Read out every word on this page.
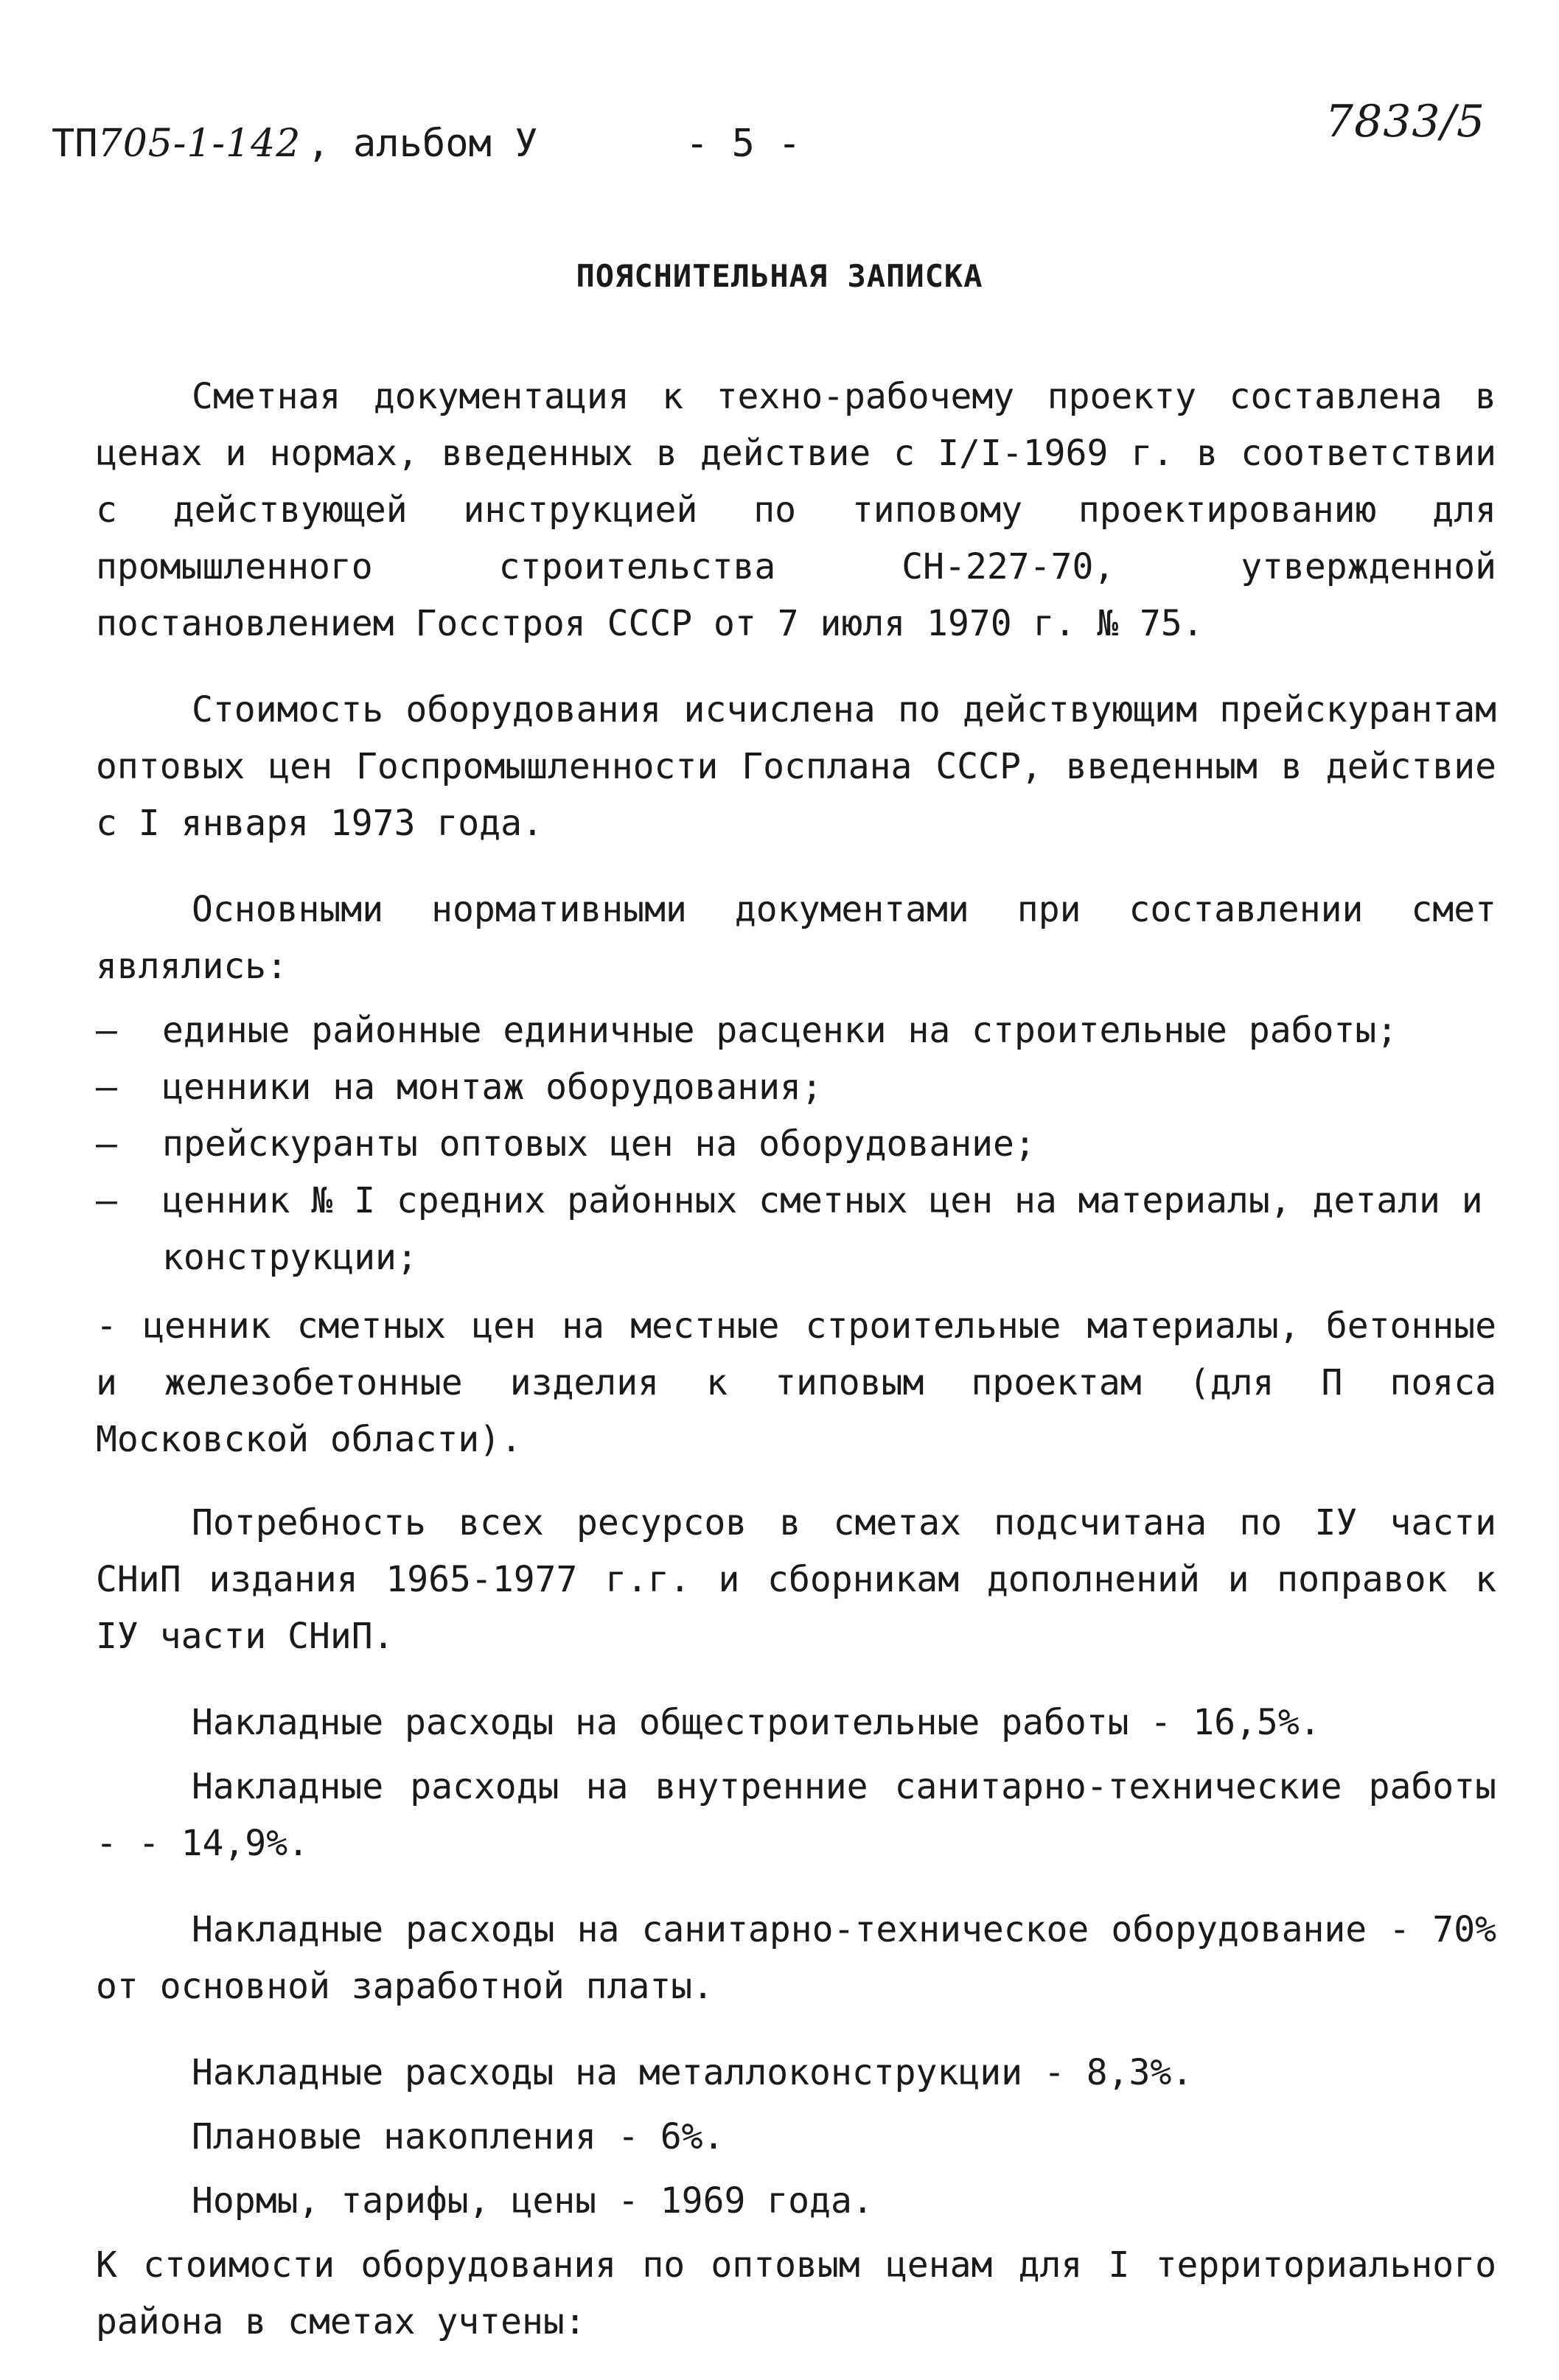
ТП705-1-142 , альбом У	- 5 -	7833/5
ПОЯСНИТЕЛЬНАЯ ЗАПИСКА

Сметная документация к техно-рабочему проекту составлена в ценах и нормах, введенных в действие с I/I-1969 г. в соответствии с действующей инструкцией по типовому проектированию для промышленного строительства СН-227-70, утвержденной постановлением Госстроя СССР от 7 июля 1970 г. № 75.

Стоимость оборудования исчислена по действующим прейскурантам оптовых цен Госпромышленности Госплана СССР, введенным в действие с I января 1973 года.

Основными нормативными документами при составлении смет являлись:

– единые районные единичные расценки на строительные работы;
– ценники на монтаж оборудования;
– прейскуранты оптовых цен на оборудование;
– ценник № I средних районных сметных цен на материалы, детали и конструкции;

- ценник сметных цен на местные строительные материалы, бетонные и железобетонные изделия к типовым проектам (для П пояса Московской области).

Потребность всех ресурсов в сметах подсчитана по IУ части СНиП издания 1965-1977 г.г. и сборникам дополнений и поправок к IУ части СНиП.

Накладные расходы на общестроительные работы - 16,5%.

Накладные расходы на внутренние санитарно-технические работы - - 14,9%.

Накладные расходы на санитарно-техническое оборудование - 70% от основной заработной платы.

Накладные расходы на металлоконструкции - 8,3%.

Плановые накопления - 6%.

Нормы, тарифы, цены - 1969 года.

К стоимости оборудования по оптовым ценам для I территориального района в сметах учтены:
